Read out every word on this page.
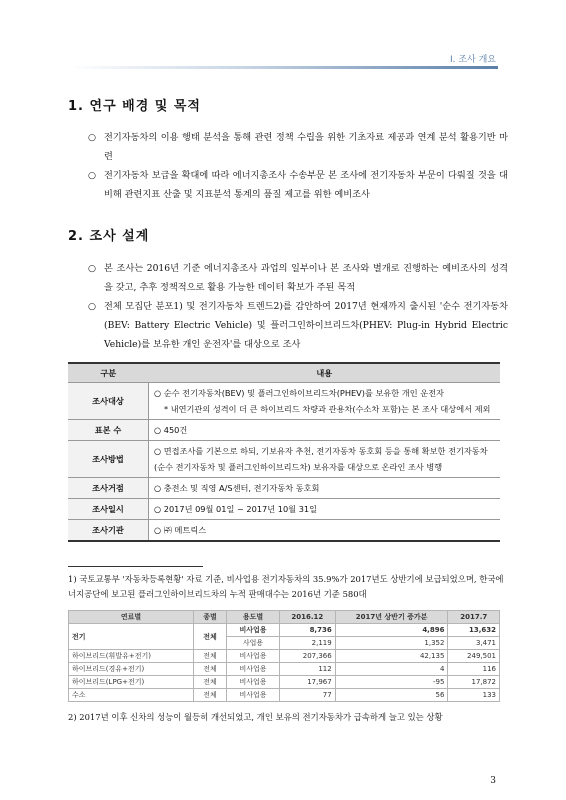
Ⅰ. 조사 개요
1. 연구 배경 및 목적
○ 전기자동차의 이용 행태 분석을 통해 관련 정책 수립을 위한 기초자료 제공과 연계 분석 활용기반 마련
○ 전기자동차 보급을 확대에 따라 에너지총조사 수송부문 본 조사에 전기자동차 부문이 다뤄질 것을 대비해 관련지표 산출 및 지표분석 통계의 품질 제고를 위한 예비조사
2. 조사 설계
○ 본 조사는 2016년 기준 에너지총조사 과업의 일부이나 본 조사와 별개로 진행하는 예비조사의 성격을 갖고, 추후 정책적으로 활용 가능한 데이터 확보가 주된 목적
○ 전체 모집단 분포1) 및 전기자동차 트렌드2)를 감안하여 2017년 현재까지 출시된 '순수 전기자동차(BEV: Battery Electric Vehicle) 및 플러그인하이브리드차(PHEV: Plug-in Hybrid Electric Vehicle)를 보유한 개인 운전자'를 대상으로 조사
구분	내용
조사대상	○ 순수 전기자동차(BEV) 및 플러그인하이브리드차(PHEV)를 보유한 개인 운전자
* 내연기관의 성격이 더 큰 하이브리드 차량과 관용차(수소차 포함)는 본 조사 대상에서 제외

표본 수	○ 450건
조사방법	○ 면접조사를 기본으로 하되, 기보유자 추천, 전기자동차 동호회 등을 통해 확보한 전기자동차(순수 전기자동차 및 플러그인하이브리드차) 보유자를 대상으로 온라인 조사 병행
조사거점	○ 충전소 및 직영 A/S센터, 전기자동차 동호회
조사일시	○ 2017년 09월 01일 ~ 2017년 10월 31일
조사기관	○ ㈜ 메트릭스
1) 국토교통부 '자동차등록현황' 자료 기준, 비사업용 전기자동차의 35.9%가 2017년도 상반기에 보급되었으며, 한국에너지공단에 보고된 플러그인하이브리드차의 누적 판매대수는 2016년 기준 580대
연료별	종별	용도별	2016.12	2017년 상반기 증가분	2017.7
전기	전체	비사업용	8,736	4,896	13,632
		사업용	2,119	1,352	3,471
하이브리드(휘발유+전기)	전체	비사업용	207,366	42,135	249,501
하이브리드(경유+전기)	전체	비사업용	112	4	116
하이브리드(LPG+전기)	전체	비사업용	17,967	-95	17,872
수소	전체	비사업용	77	56	133
2) 2017년 이후 신차의 성능이 월등히 개선되었고, 개인 보유의 전기자동차가 급속하게 늘고 있는 상황
3
